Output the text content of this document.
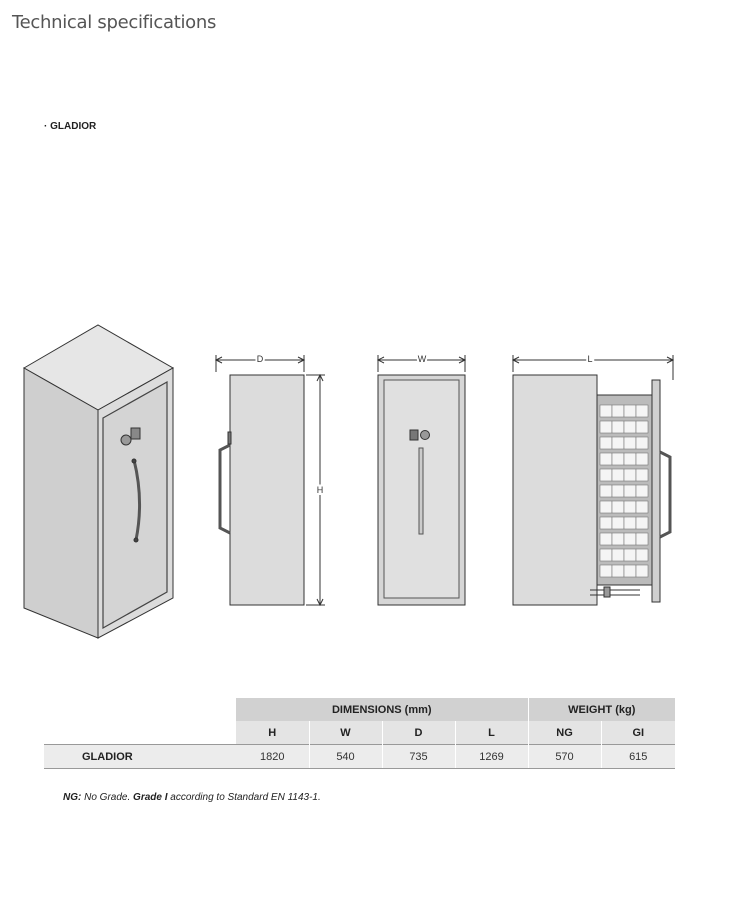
Technical specifications
· GLADIOR
D
H
W	L
	DIMENSIONS (mm)				WEIGHT (kg)	
	H	W	D	L	NG	GI
GLADIOR	1820	540	735	1269	570	615
NG: No Grade. Grade I according to Standard EN 1143-1.
